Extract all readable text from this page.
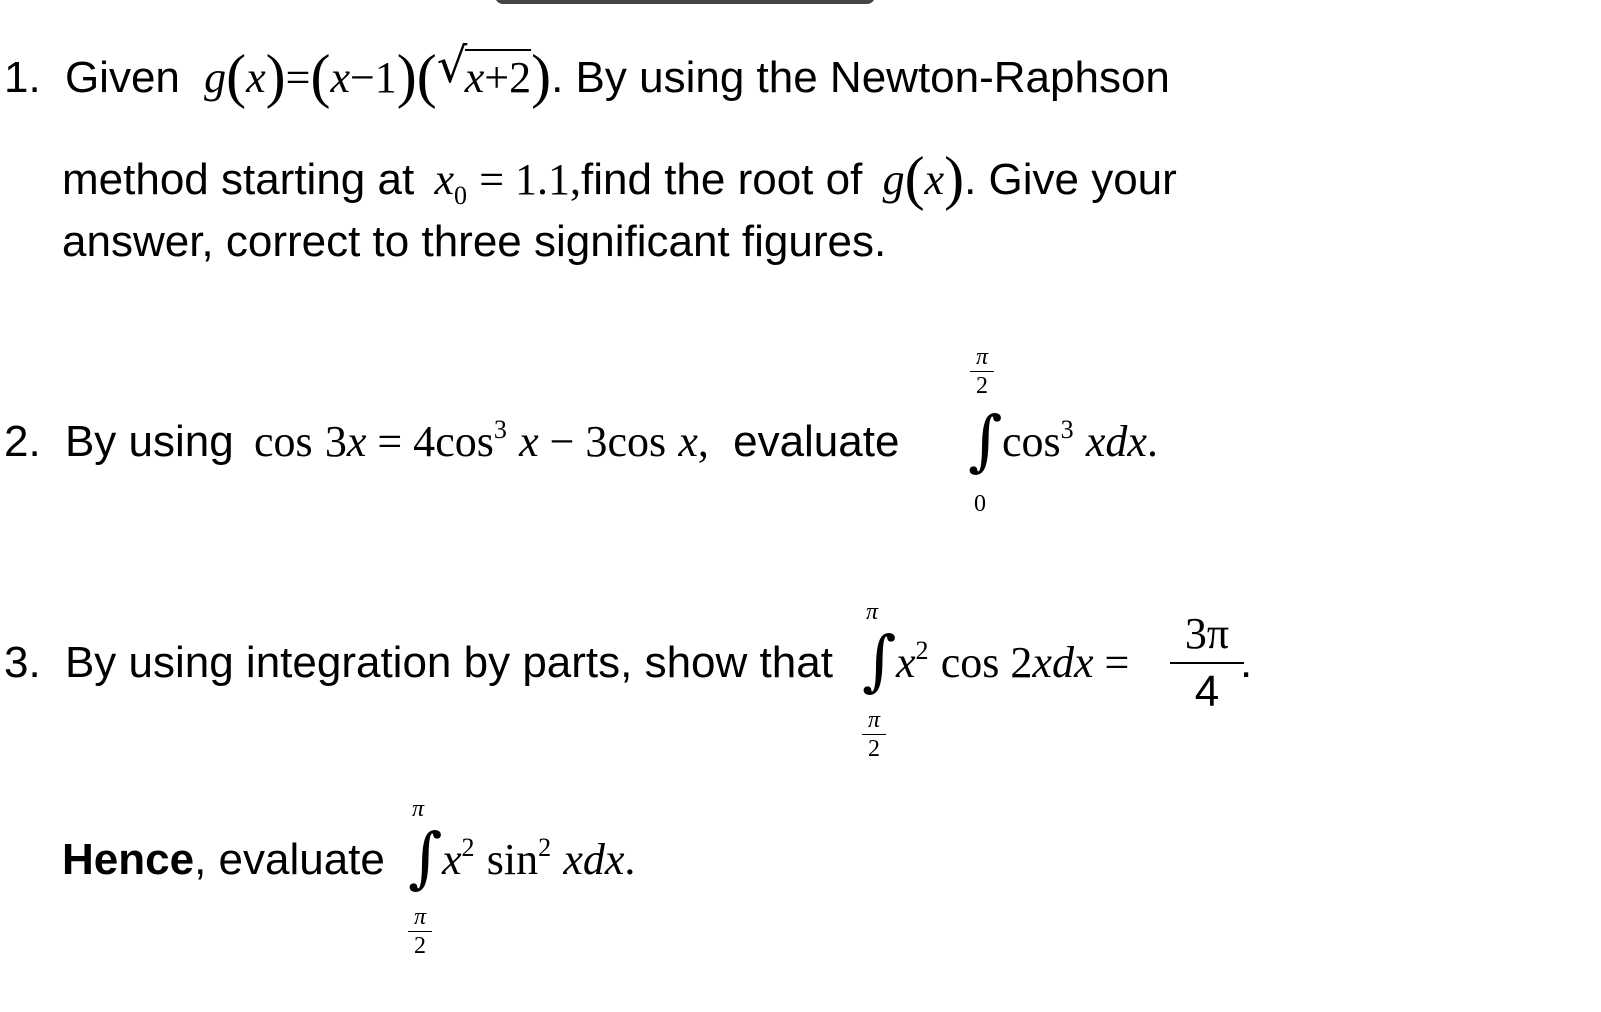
1. Given g(x)=(x−1)( √
x+2). By using the Newton-Raphson
method starting at $x_0$ = 1.1,find the root of g(x). Give your
answer, correct to three significant figures.
2. By using $\cos 3x = 4\cos^3$ x − 3cos x, evaluate
π
2
∫
0
$\cos^3$ xdx.
3. By using integration by parts, show that
π
∫
π
2
$x^2$ cos 2xdx =
3π
4
.
Hence, evaluate
π
∫
π
2
$x^2$ $\sin^2$ xdx.
